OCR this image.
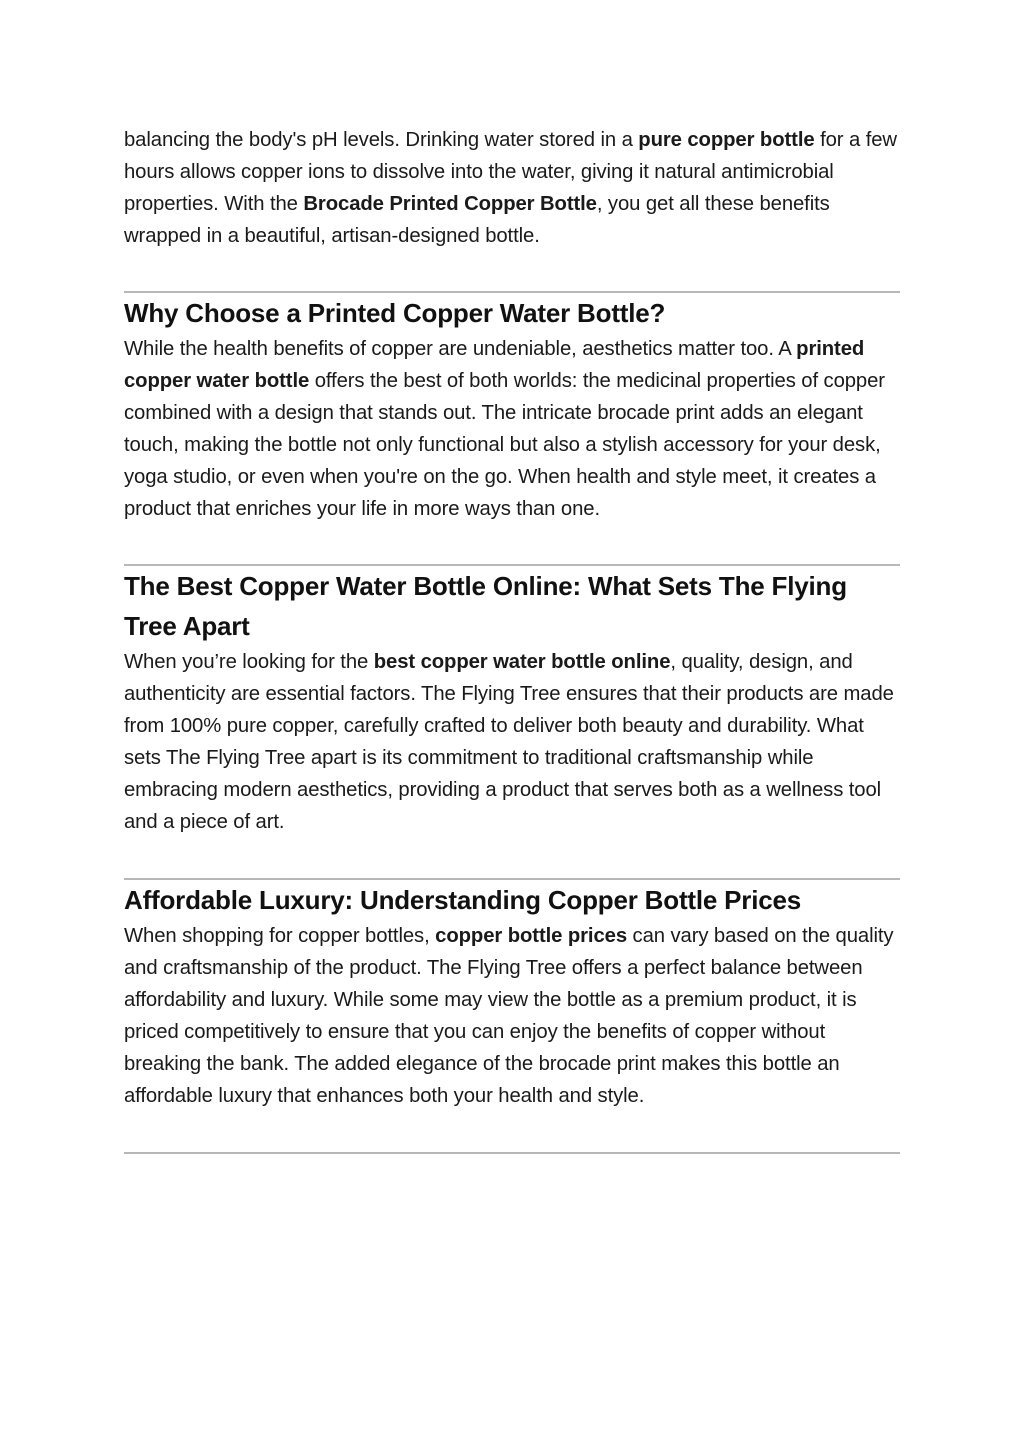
balancing the body's pH levels. Drinking water stored in a pure copper bottle for a few hours allows copper ions to dissolve into the water, giving it natural antimicrobial properties. With the Brocade Printed Copper Bottle, you get all these benefits wrapped in a beautiful, artisan-designed bottle.

Why Choose a Printed Copper Water Bottle?

While the health benefits of copper are undeniable, aesthetics matter too. A printed copper water bottle offers the best of both worlds: the medicinal properties of copper combined with a design that stands out. The intricate brocade print adds an elegant touch, making the bottle not only functional but also a stylish accessory for your desk, yoga studio, or even when you're on the go. When health and style meet, it creates a product that enriches your life in more ways than one.

The Best Copper Water Bottle Online: What Sets The Flying Tree Apart

When you’re looking for the best copper water bottle online, quality, design, and authenticity are essential factors. The Flying Tree ensures that their products are made from 100% pure copper, carefully crafted to deliver both beauty and durability. What sets The Flying Tree apart is its commitment to traditional craftsmanship while embracing modern aesthetics, providing a product that serves both as a wellness tool and a piece of art.

Affordable Luxury: Understanding Copper Bottle Prices

When shopping for copper bottles, copper bottle prices can vary based on the quality and craftsmanship of the product. The Flying Tree offers a perfect balance between affordability and luxury. While some may view the bottle as a premium product, it is priced competitively to ensure that you can enjoy the benefits of copper without breaking the bank. The added elegance of the brocade print makes this bottle an affordable luxury that enhances both your health and style.
